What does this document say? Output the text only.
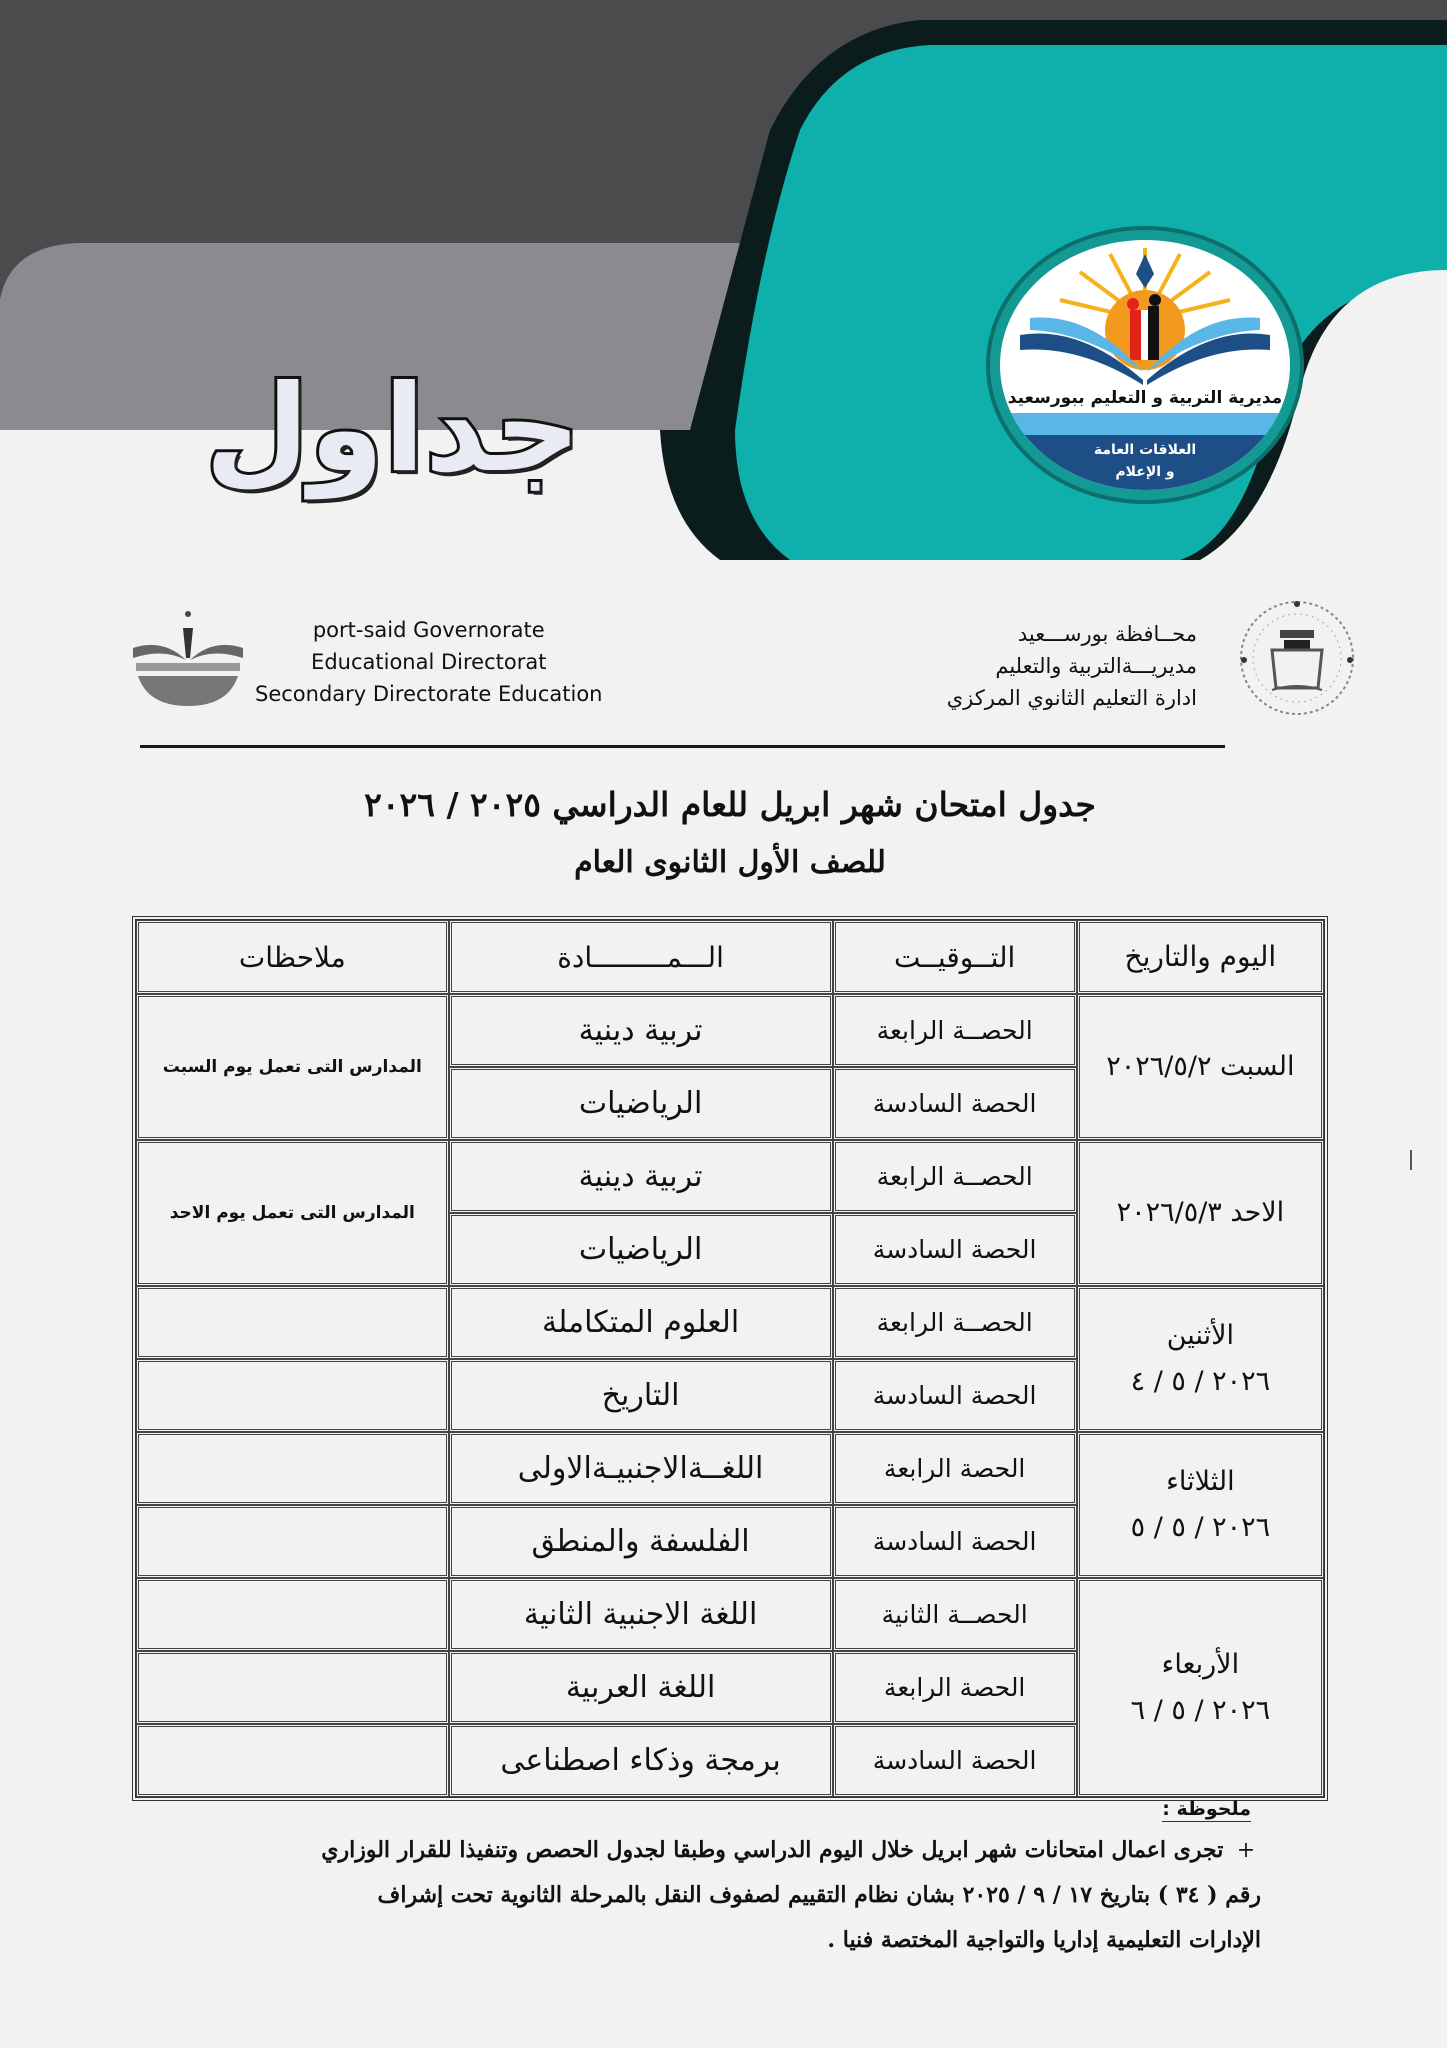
مديرية التربية و التعليم ببورسعيد
العلاقات العامة
و الإعلام
جداول
port-said Governorate
Educational Directorat
Secondary Directorate Education
محــافظة بورســـعيد
مديريـــةالتربية والتعليم
ادارة التعليم الثانوي المركزي
جدول امتحان شهر ابريل للعام الدراسي ٢٠٢٥ / ٢٠٢٦
للصف الأول الثانوى العام
اليوم والتاريخ	التــوقيــت	الـــمـــــــــادة	ملاحظات
السبت ٢٠٢٦/٥/٢	الحصــة الرابعة	تربية دينية	المدارس التى تعمل يوم السبت
	الحصة السادسة	الرياضيات	
الاحد ٢٠٢٦/٥/٣	الحصــة الرابعة	تربية دينية	المدارس التى تعمل يوم الاحد
	الحصة السادسة	الرياضيات	

الأثنين
٢٠٢٦ / ٥ / ٤	الحصــة الرابعة	العلوم المتكاملة	
	الحصة السادسة	التاريخ	

الثلاثاء
٢٠٢٦ / ٥ / ٥	الحصة الرابعة	اللغــةالاجنبيـةالاولى	
	الحصة السادسة	الفلسفة والمنطق	

الأربعاء
٢٠٢٦ / ٥ / ٦	الحصــة الثانية	اللغة الاجنبية الثانية	
	الحصة الرابعة	اللغة العربية	
	الحصة السادسة	برمجة وذكاء اصطناعى	
ملحوظة :
+ تجرى اعمال امتحانات شهر ابريل خلال اليوم الدراسي وطبقا لجدول الحصص وتنفيذا للقرار الوزاري
رقم ( ٣٤ ) بتاريخ ١٧ / ٩ / ٢٠٢٥ بشان نظام التقييم لصفوف النقل بالمرحلة الثانوية تحت إشراف
الإدارات التعليمية إداريا والتواجية المختصة فنيا .
